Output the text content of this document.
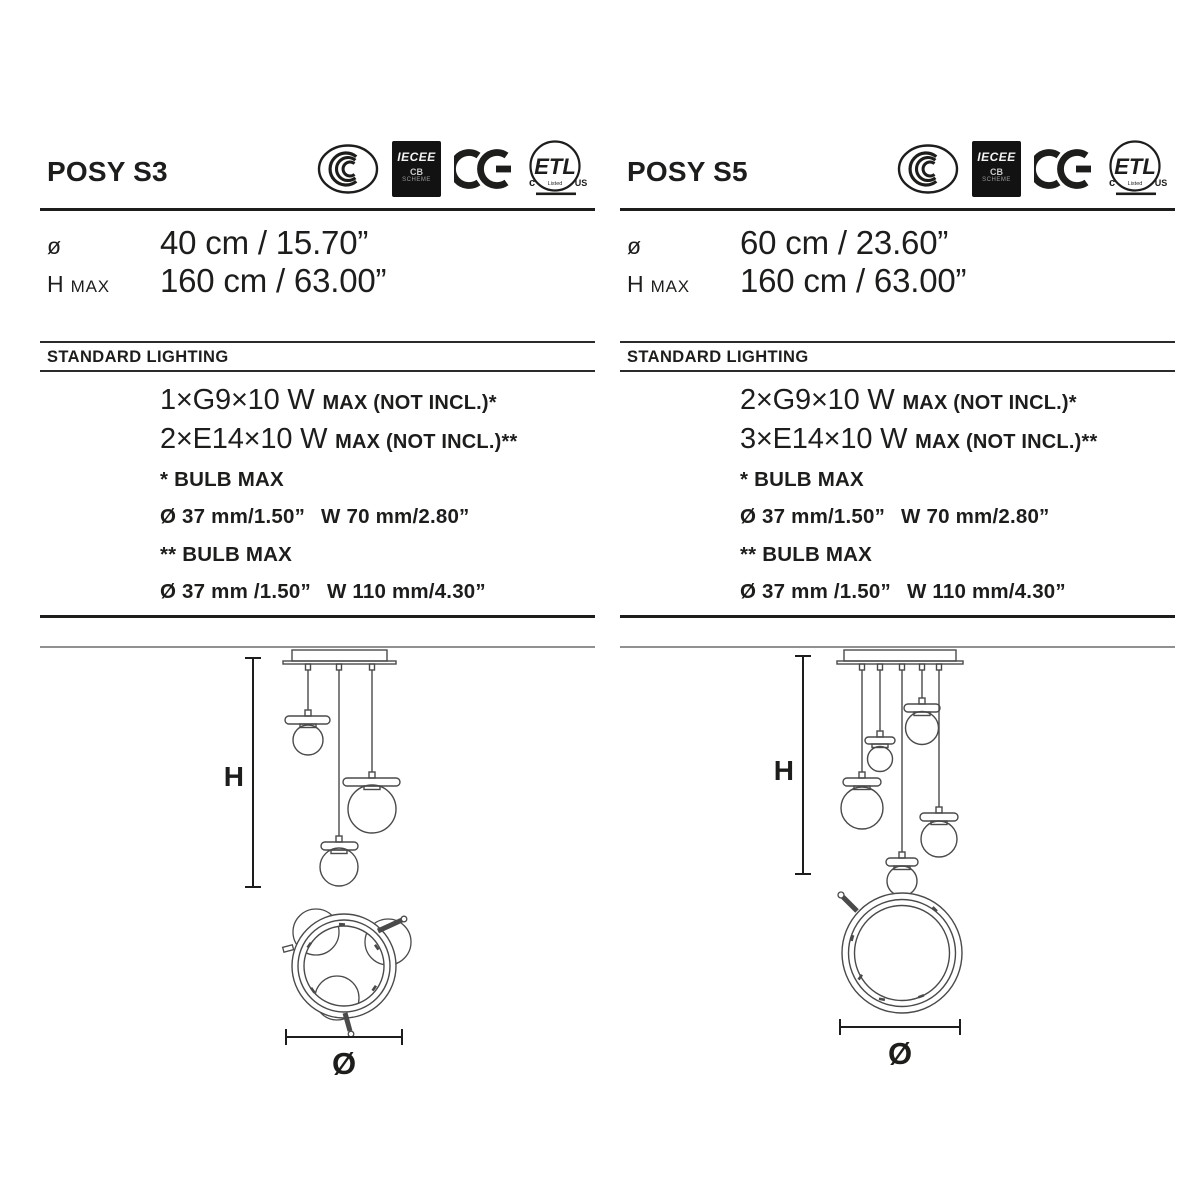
POSY S3	IECEE
CB
SCHEME
ETL
Listed
c	US
ø	40 cm / 15.70”
H MAX	160 cm / 63.00”
STANDARD LIGHTING
1×G9×10 W MAX (NOT INCL.)*
2×E14×10 W MAX (NOT INCL.)**
* BULB MAX
Ø 37 mm/1.50” W 70 mm/2.80”
** BULB MAX
Ø 37 mm /1.50” W 110 mm/4.30”
H
Ø
POSY S5	IECEE
CB
SCHEME
ETL
Listed
c	US
ø	60 cm / 23.60”
H MAX	160 cm / 63.00”
STANDARD LIGHTING
2×G9×10 W MAX (NOT INCL.)*
3×E14×10 W MAX (NOT INCL.)**
* BULB MAX
Ø 37 mm/1.50” W 70 mm/2.80”
** BULB MAX
Ø 37 mm /1.50” W 110 mm/4.30”
H
Ø
